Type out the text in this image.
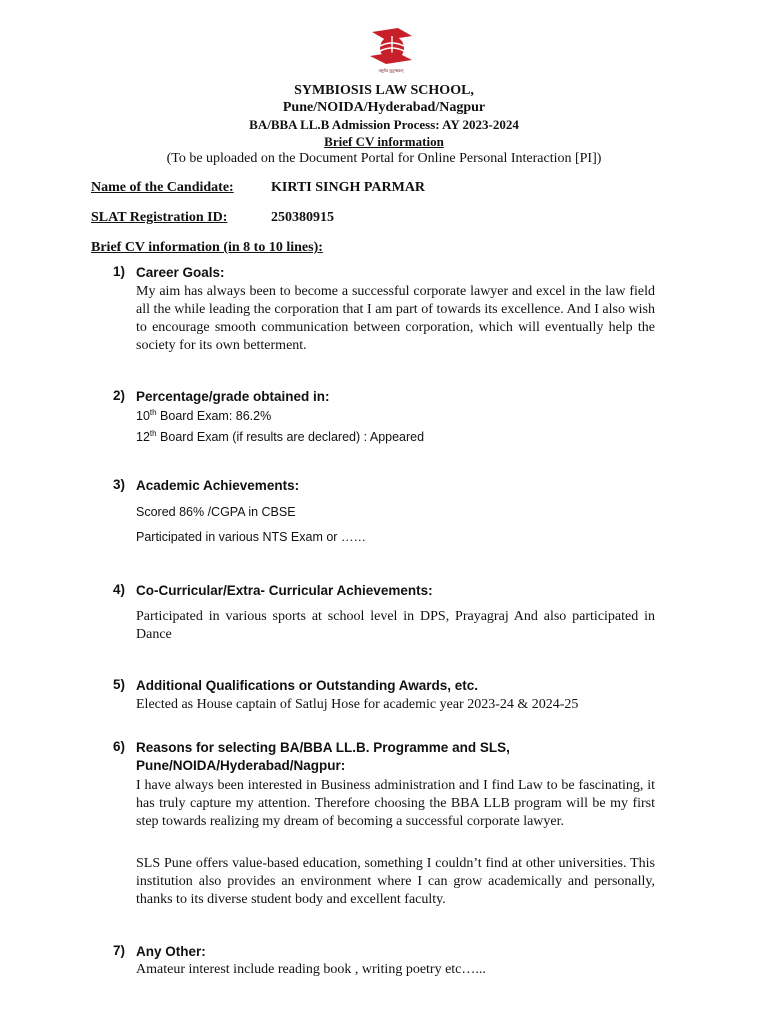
वसुधैव कुटुम्बकम्
SYMBIOSIS LAW SCHOOL,
Pune/NOIDA/Hyderabad/Nagpur
BA/BBA LL.B Admission Process: AY 2023-2024
Brief CV information
(To be uploaded on the Document Portal for Online Personal Interaction [PI])
Name of the Candidate:	KIRTI SINGH PARMAR
SLAT Registration ID:	250380915
Brief CV information (in 8 to 10 lines):
1) Career Goals:
My aim has always been to become a successful corporate lawyer and excel in the law field all the while leading the corporation that I am part of towards its excellence. And I also wish to encourage smooth communication between corporation, which will eventually help the society for its own betterment.
2) Percentage/grade obtained in:
10th Board Exam: 86.2%
12th Board Exam (if results are declared) : Appeared
3) Academic Achievements:
Scored 86% /CGPA in CBSE
Participated in various NTS Exam or ……
4) Co-Curricular/Extra- Curricular Achievements:
Participated in various sports at school level in DPS, Prayagraj And also participated in Dance
5) Additional Qualifications or Outstanding Awards, etc.
Elected as House captain of Satluj Hose for academic year 2023-24 & 2024-25
6) Reasons for selecting BA/BBA LL.B. Programme and SLS, Pune/NOIDA/Hyderabad/Nagpur:
I have always been interested in Business administration and I find Law to be fascinating, it has truly capture my attention. Therefore choosing the BBA LLB program will be my first step towards realizing my dream of becoming a successful corporate lawyer.
SLS Pune offers value-based education, something I couldn’t find at other universities. This institution also provides an environment where I can grow academically and personally, thanks to its diverse student body and excellent faculty.
7) Any Other:
Amateur interest include reading book , writing poetry etc…...
